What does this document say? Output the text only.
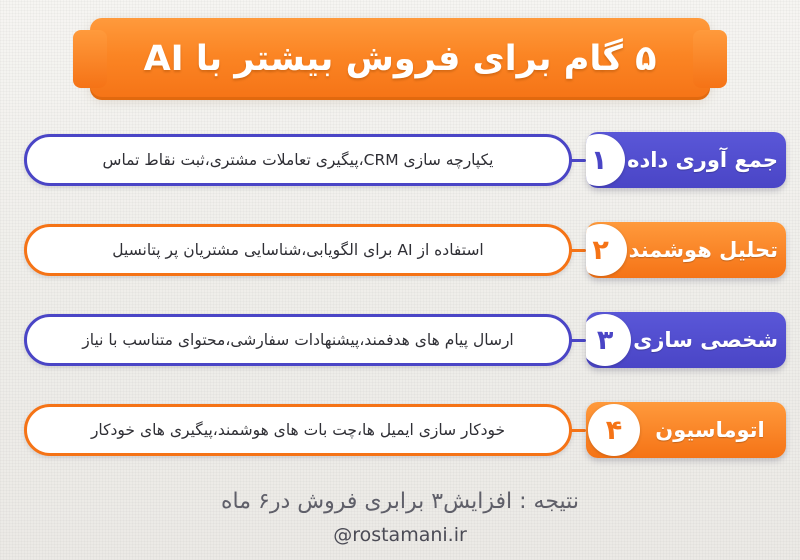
۵ گام برای فروش بیشتر با AI
یکپارچه سازی CRM،پیگیری تعاملات مشتری،ثبت نقاط تماس	جمع آوری داده
۱
استفاده از AI برای الگویابی،شناسایی مشتریان پر پتانسیل	تحلیل هوشمند
۲
ارسال پیام های هدفمند،پیشنهادات سفارشی،محتوای متناسب با نیاز	شخصی سازی
۳
خودکار سازی ایمیل ها،چت بات های هوشمند،پیگیری های خودکار	اتوماسیون
۴
نتیجه : افزایش۳ برابری فروش در۶ ماه
@rostamani.ir
